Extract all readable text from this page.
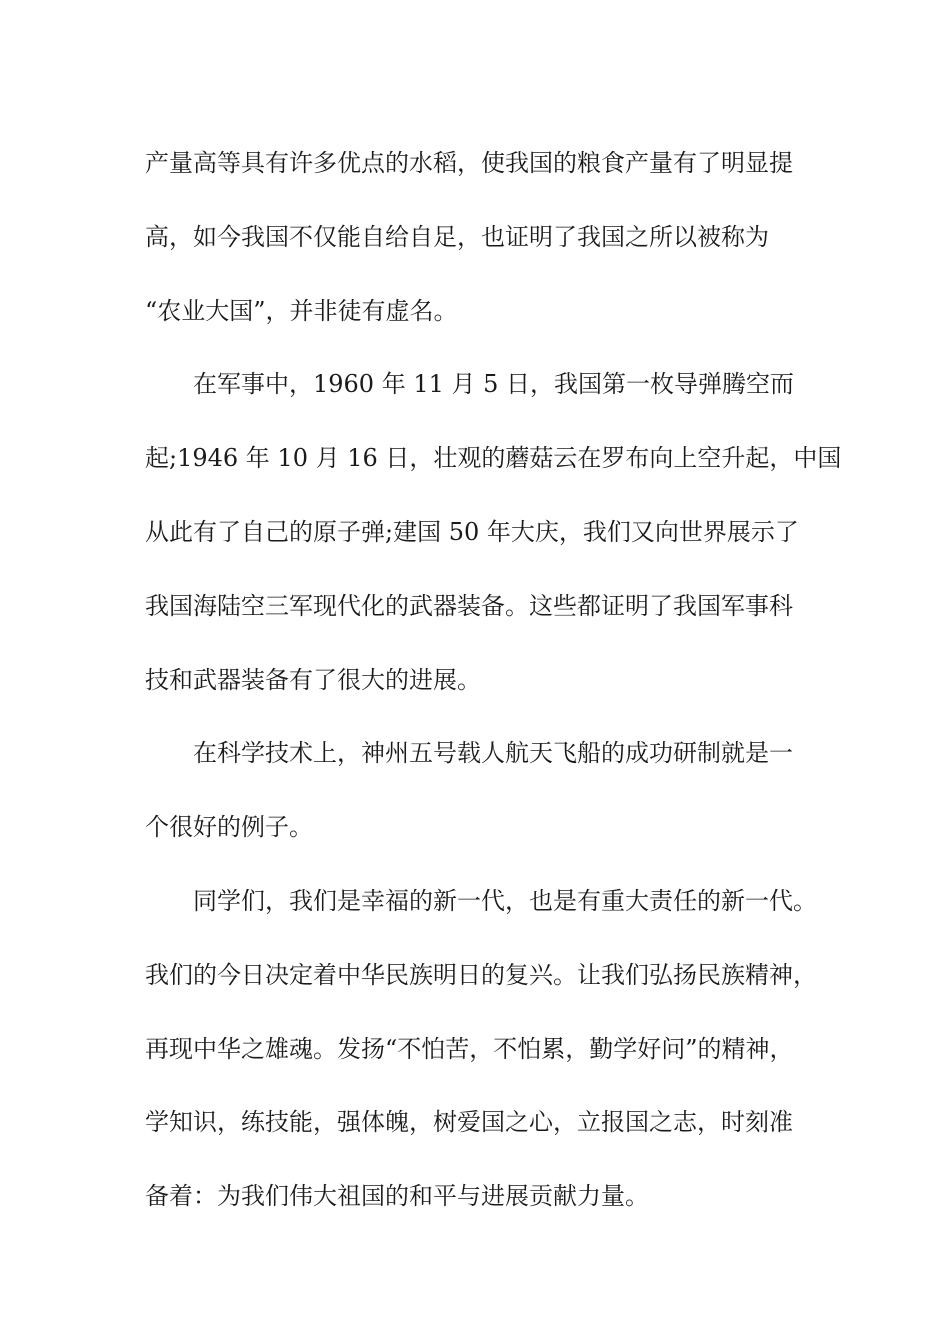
产量高等具有许多优点的水稻，使我国的粮食产量有了明显提
高，如今我国不仅能自给自足，也证明了我国之所以被称为
“农业大国”，并非徒有虚名。
在军事中，1960 年 11 月 5 日，我国第一枚导弹腾空而
起;1946 年 10 月 16 日，壮观的蘑菇云在罗布向上空升起，中国
从此有了自己的原子弹;建国 50 年大庆，我们又向世界展示了
我国海陆空三军现代化的武器装备。这些都证明了我国军事科
技和武器装备有了很大的进展。
在科学技术上，神州五号载人航天飞船的成功研制就是一
个很好的例子。
同学们，我们是幸福的新一代，也是有重大责任的新一代。
我们的今日决定着中华民族明日的复兴。让我们弘扬民族精神，
再现中华之雄魂。发扬“不怕苦，不怕累，勤学好问”的精神，
学知识，练技能，强体魄，树爱国之心，立报国之志，时刻准
备着：为我们伟大祖国的和平与进展贡献力量。
